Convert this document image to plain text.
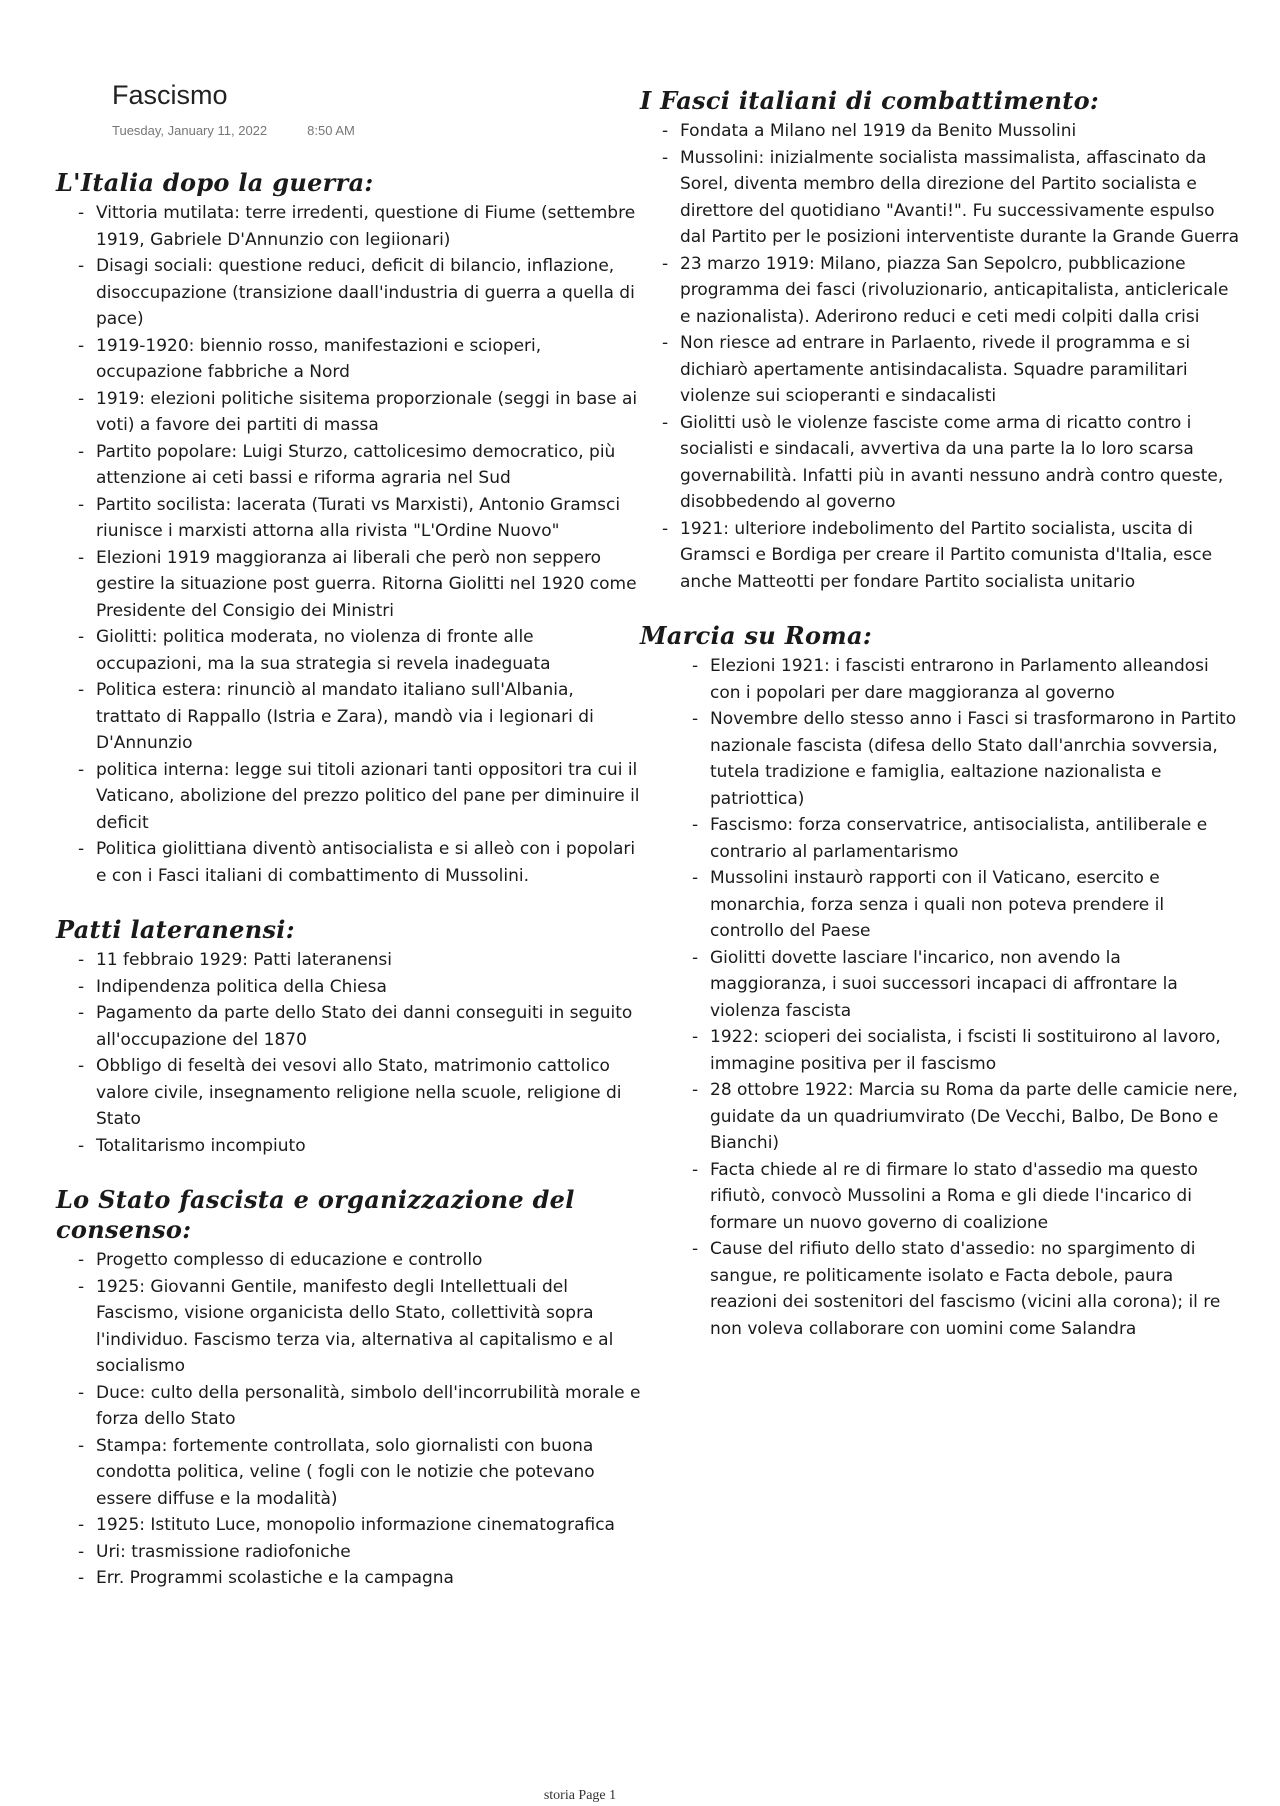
Fascismo
Tuesday, January 11, 2022	8:50 AM
L'Italia dopo la guerra:
- Vittoria mutilata: terre irredenti, questione di Fiume (settembre 1919, Gabriele D'Annunzio con legiionari)
- Disagi sociali: questione reduci, deficit di bilancio, inflazione, disoccupazione (transizione daall'industria di guerra a quella di pace)
- 1919-1920: biennio rosso, manifestazioni e scioperi, occupazione fabbriche a Nord
- 1919: elezioni politiche sisitema proporzionale (seggi in base ai voti) a favore dei partiti di massa
- Partito popolare: Luigi Sturzo, cattolicesimo democratico, più attenzione ai ceti bassi e riforma agraria nel Sud
- Partito socilista: lacerata (Turati vs Marxisti), Antonio Gramsci riunisce i marxisti attorna alla rivista "L'Ordine Nuovo"
- Elezioni 1919 maggioranza ai liberali che però non seppero gestire la situazione post guerra. Ritorna Giolitti nel 1920 come Presidente del Consigio dei Ministri
- Giolitti: politica moderata, no violenza di fronte alle occupazioni, ma la sua strategia si revela inadeguata
- Politica estera: rinunciò al mandato italiano sull'Albania, trattato di Rappallo (Istria e Zara), mandò via i legionari di D'Annunzio
- politica interna: legge sui titoli azionari tanti oppositori tra cui il Vaticano, abolizione del prezzo politico del pane per diminuire il deficit
- Politica giolittiana diventò antisocialista e si alleò con i popolari e con i Fasci italiani di combattimento di Mussolini.
Patti lateranensi:
- 11 febbraio 1929: Patti lateranensi
- Indipendenza politica della Chiesa
- Pagamento da parte dello Stato dei danni conseguiti in seguito all'occupazione del 1870
- Obbligo di feseltà dei vesovi allo Stato, matrimonio cattolico valore civile, insegnamento religione nella scuole, religione di Stato
- Totalitarismo incompiuto
Lo Stato fascista e organizzazione del consenso:
- Progetto complesso di educazione e controllo
- 1925: Giovanni Gentile, manifesto degli Intellettuali del Fascismo, visione organicista dello Stato, collettività sopra l'individuo. Fascismo terza via, alternativa al capitalismo e al socialismo
- Duce: culto della personalità, simbolo dell'incorrubilità morale e forza dello Stato
- Stampa: fortemente controllata, solo giornalisti con buona condotta politica, veline ( fogli con le notizie che potevano essere diffuse e la modalità)
- 1925: Istituto Luce, monopolio informazione cinematografica
- Uri: trasmissione radiofoniche
- Err. Programmi scolastiche e la campagna
I Fasci italiani di combattimento:
- Fondata a Milano nel 1919 da Benito Mussolini
- Mussolini: inizialmente socialista massimalista, affascinato da Sorel, diventa membro della direzione del Partito socialista e direttore del quotidiano "Avanti!". Fu successivamente espulso dal Partito per le posizioni interventiste durante la Grande Guerra
- 23 marzo 1919: Milano, piazza San Sepolcro, pubblicazione programma dei fasci (rivoluzionario, anticapitalista, anticlericale e nazionalista). Aderirono reduci e ceti medi colpiti dalla crisi
- Non riesce ad entrare in Parlaento, rivede il programma e si dichiarò apertamente antisindacalista. Squadre paramilitari violenze sui scioperanti e sindacalisti
- Giolitti usò le violenze fasciste come arma di ricatto contro i socialisti e sindacali, avvertiva da una parte la lo loro scarsa governabilità. Infatti più in avanti nessuno andrà contro queste, disobbedendo al governo
- 1921: ulteriore indebolimento del Partito socialista, uscita di Gramsci e Bordiga per creare il Partito comunista d'Italia, esce anche Matteotti per fondare Partito socialista unitario
Marcia su Roma:
- Elezioni 1921: i fascisti entrarono in Parlamento alleandosi con i popolari per dare maggioranza al governo
- Novembre dello stesso anno i Fasci si trasformarono in Partito nazionale fascista (difesa dello Stato dall'anrchia sovversia, tutela tradizione e famiglia, ealtazione nazionalista e patriottica)
- Fascismo: forza conservatrice, antisocialista, antiliberale e contrario al parlamentarismo
- Mussolini instaurò rapporti con il Vaticano, esercito e monarchia, forza senza i quali non poteva prendere il controllo del Paese
- Giolitti dovette lasciare l'incarico, non avendo la maggioranza, i suoi successori incapaci di affrontare la violenza fascista
- 1922: scioperi dei socialista, i fscisti li sostituirono al lavoro, immagine positiva per il fascismo
- 28 ottobre 1922: Marcia su Roma da parte delle camicie nere, guidate da un quadriumvirato (De Vecchi, Balbo, De Bono e Bianchi)
- Facta chiede al re di firmare lo stato d'assedio ma questo rifiutò, convocò Mussolini a Roma e gli diede l'incarico di formare un nuovo governo di coalizione
- Cause del rifiuto dello stato d'assedio: no spargimento di sangue, re politicamente isolato e Facta debole, paura reazioni dei sostenitori del fascismo (vicini alla corona); il re non voleva collaborare con uomini come Salandra
storia Page 1
